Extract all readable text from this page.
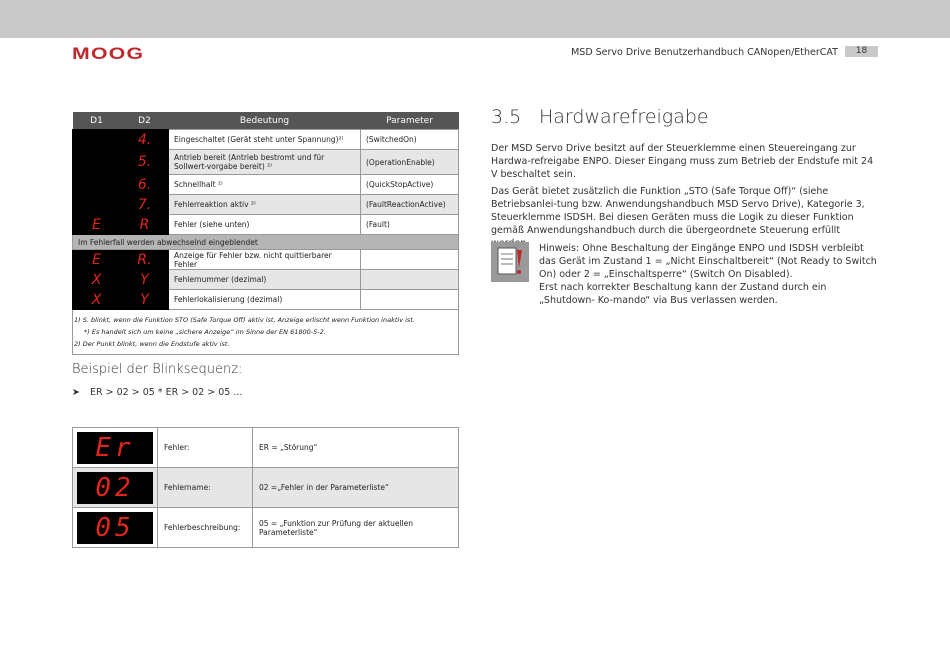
MOOG	MSD Servo Drive Benutzerhandbuch CANopen/EtherCAT	18
D1	D2	Bedeutung	Parameter
	4.	Eingeschaltet (Gerät steht unter Spannung)²⁾	(SwitchedOn)
	5.	Antrieb bereit (Antrieb bestromt und für Sollwert-vorgabe bereit) ²⁾	(OperationEnable)
	6.	Schnellhalt ²⁾	(QuickStopActive)
	7.	Fehlerreaktion aktiv ²⁾	(FaultReactionActive)
E	R	Fehler (siehe unten)	(Fault)
Im Fehlerfall werden abwechselnd eingeblendet			
E	R.	Anzeige für Fehler bzw. nicht quittierbarer Fehler	
X	Y	Fehlernummer (dezimal)	
X	Y	Fehlerlokalisierung (dezimal)	

1) S. blinkt, wenn die Funktion STO (Safe Torque Off) aktiv ist, Anzeige erlischt wenn Funktion inaktiv ist.
*) Es handelt sich um keine „sichere Anzeige“ im Sinne der EN 61800-5-2.
2) Der Punkt blinkt, wenn die Endstufe aktiv ist.			
Beispiel der Blinksequenz:
➤ ER > 02 > 05 * ER > 02 > 05 ...
Er	Fehler:	ER = „Störung“

02	Fehlername:	02 =„Fehler in der Parameterliste“

05	Fehlerbeschreibung:	05 = „Funktion zur Prüfung der aktuellen Parameterliste“
3.5 Hardwarefreigabe
Der MSD Servo Drive besitzt auf der Steuerklemme einen Steuereingang zur Hardwa-refreigabe ENPO. Dieser Eingang muss zum Betrieb der Endstufe mit 24 V beschaltet sein.
Das Gerät bietet zusätzlich die Funktion „STO (Safe Torque Off)“ (siehe Betriebsanlei-tung bzw. Anwendungshandbuch MSD Servo Drive), Kategorie 3, Steuerklemme ISDSH. Bei diesen Geräten muss die Logik zu dieser Funktion gemäß Anwendungshandbuch durch die übergeordnete Steuerung erfüllt
Hinweis: Ohne Beschaltung der Eingänge ENPO und ISDSH verbleibt das Gerät im Zustand 1 = „Nicht Einschaltbereit“ (Not Ready to Switch On) oder 2 = „Einschaltsperre“ (Switch On Disabled).
Erst nach korrekter Beschaltung kann der Zustand durch ein „Shutdown- Ko-mando“ via Bus verlassen werden.
